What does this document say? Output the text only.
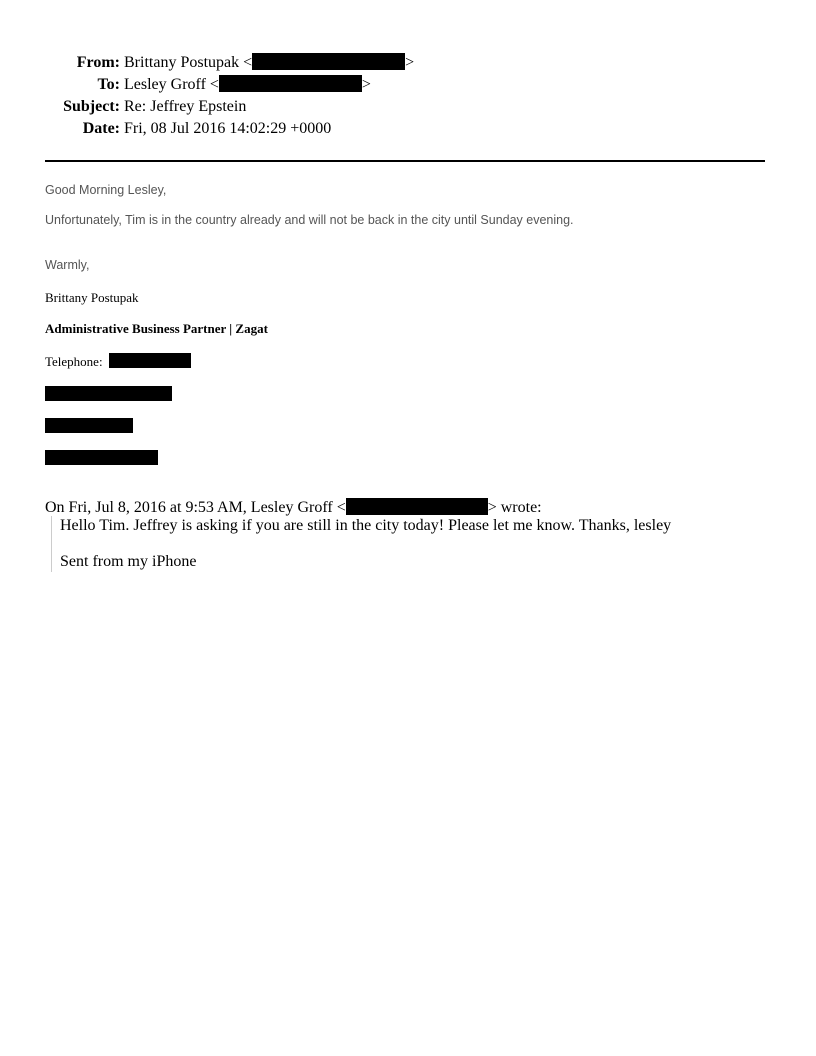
From: Brittany Postupak <	>
To: Lesley Groff <	>
Subject: Re: Jeffrey Epstein
Date: Fri, 08 Jul 2016 14:02:29 +0000
Good Morning Lesley,
Unfortunately, Tim is in the country already and will not be back in the city until Sunday evening.
Warmly,
Brittany Postupak
Administrative Business Partner | Zagat
Telephone:
On Fri, Jul 8, 2016 at 9:53 AM, Lesley Groff <	> wrote:
Hello Tim. Jeffrey is asking if you are still in the city today! Please let me know. Thanks, lesley
Sent from my iPhone
